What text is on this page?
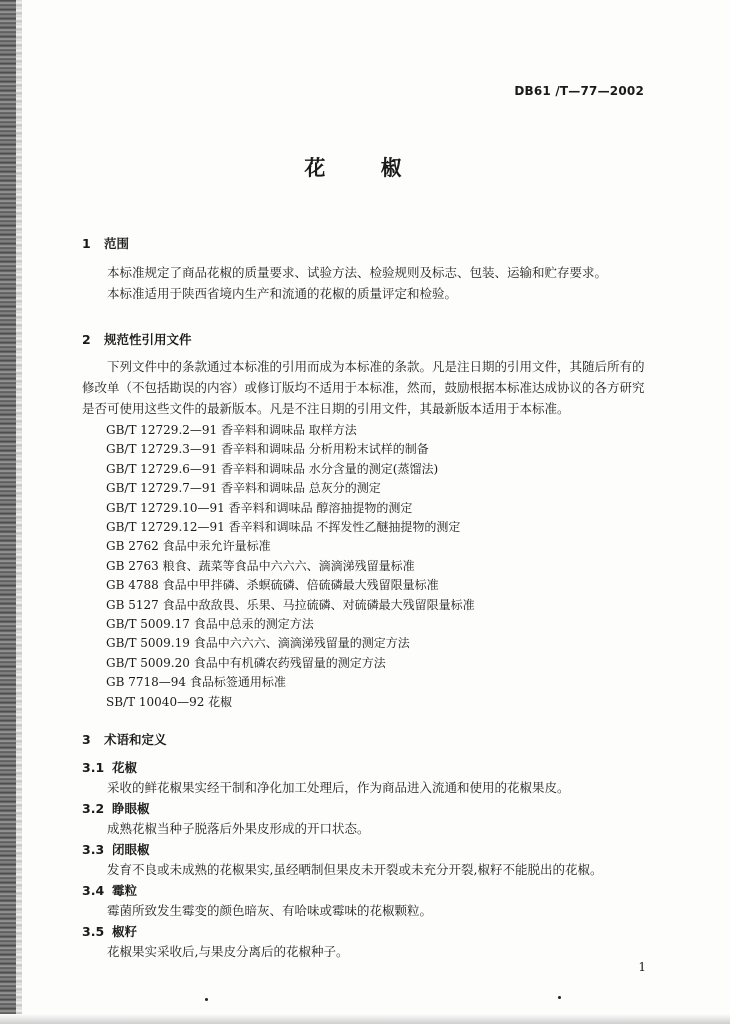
DB61 /T—77—2002
花 椒
1 范围

本标准规定了商品花椒的质量要求、试验方法、检验规则及标志、包装、运输和贮存要求。

本标准适用于陕西省境内生产和流通的花椒的质量评定和检验。

2 规范性引用文件

下列文件中的条款通过本标准的引用而成为本标准的条款。凡是注日期的引用文件，其随后所有的修改单（不包括勘误的内容）或修订版均不适用于本标准，然而，鼓励根据本标准达成协议的各方研究是否可使用这些文件的最新版本。凡是不注日期的引用文件，其最新版本适用于本标准。

GB/T 12729.2—91 香辛料和调味品 取样方法
GB/T 12729.3—91 香辛料和调味品 分析用粉末试样的制备
GB/T 12729.6—91 香辛料和调味品 水分含量的测定(蒸馏法)
GB/T 12729.7—91 香辛料和调味品 总灰分的测定
GB/T 12729.10—91 香辛料和调味品 醇溶抽提物的测定
GB/T 12729.12—91 香辛料和调味品 不挥发性乙醚抽提物的测定
GB 2762 食品中汞允许量标准
GB 2763 粮食、蔬菜等食品中六六六、滴滴涕残留量标准
GB 4788 食品中甲拌磷、杀螟硫磷、倍硫磷最大残留限量标准
GB 5127 食品中敌敌畏、乐果、马拉硫磷、对硫磷最大残留限量标准
GB/T 5009.17 食品中总汞的测定方法
GB/T 5009.19 食品中六六六、滴滴涕残留量的测定方法
GB/T 5009.20 食品中有机磷农药残留量的测定方法
GB 7718—94 食品标签通用标准
SB/T 10040—92 花椒
3 术语和定义
3.1 花椒
采收的鲜花椒果实经干制和净化加工处理后，作为商品进入流通和使用的花椒果皮。
3.2 睁眼椒
成熟花椒当种子脱落后外果皮形成的开口状态。
3.3 闭眼椒
发育不良或未成熟的花椒果实,虽经晒制但果皮未开裂或未充分开裂,椒籽不能脱出的花椒。
3.4 霉粒
霉菌所致发生霉变的颜色暗灰、有哈味或霉味的花椒颗粒。
3.5 椒籽
花椒果实采收后,与果皮分离后的花椒种子。
1
